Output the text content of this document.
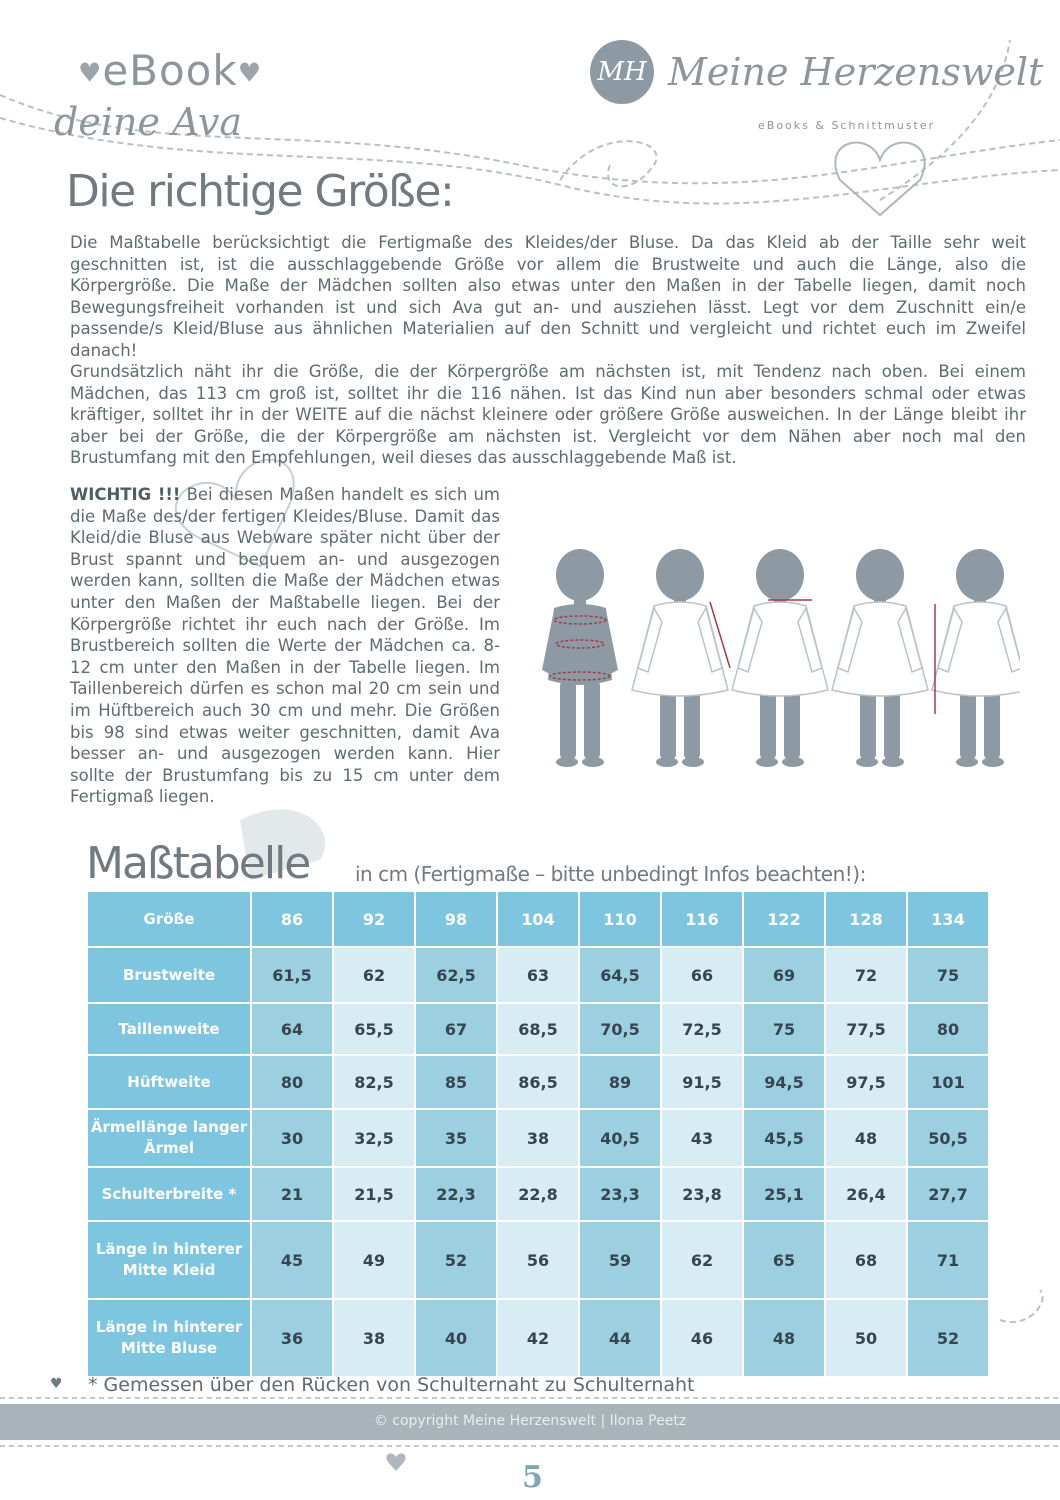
♥eBook♥
deine Ava
MH Meine Herzenswelt
eBooks & Schnittmuster
Die richtige Größe:

Die Maßtabelle berücksichtigt die Fertigmaße des Kleides/der Bluse. Da das Kleid ab der Taille sehr weit geschnitten ist, ist die ausschlaggebende Größe vor allem die Brustweite und auch die Länge, also die Körpergröße. Die Maße der Mädchen sollten also etwas unter den Maßen in der Tabelle liegen, damit noch Bewegungsfreiheit vorhanden ist und sich Ava gut an- und ausziehen lässt. Legt vor dem Zuschnitt ein/e passende/s Kleid/Bluse aus ähnlichen Materialien auf den Schnitt und vergleicht und richtet euch im Zweifel danach!

Grundsätzlich näht ihr die Größe, die der Körpergröße am nächsten ist, mit Tendenz nach oben. Bei einem Mädchen, das 113 cm groß ist, solltet ihr die 116 nähen. Ist das Kind nun aber besonders schmal oder etwas kräftiger, solltet ihr in der WEITE auf die nächst kleinere oder größere Größe ausweichen. In der Länge bleibt ihr aber bei der Größe, die der Körpergröße am nächsten ist. Vergleicht vor dem Nähen aber noch mal den Brustumfang mit den Empfehlungen, weil dieses das ausschlaggebende Maß ist.

WICHTIG !!! Bei diesen Maßen handelt es sich um die Maße des/der fertigen Kleides/Bluse. Damit das Kleid/die Bluse aus Webware später nicht über der Brust spannt und bequem an- und ausgezogen werden kann, sollten die Maße der Mädchen etwas unter den Maßen der Maßtabelle liegen. Bei der Körpergröße richtet ihr euch nach der Größe. Im Brustbereich sollten die Werte der Mädchen ca. 8-12 cm unter den Maßen in der Tabelle liegen. Im Taillenbereich dürfen es schon mal 20 cm sein und im Hüftbereich auch 30 cm und mehr. Die Größen bis 98 sind etwas weiter geschnitten, damit Ava besser an- und ausgezogen werden kann. Hier sollte der Brustumfang bis zu 15 cm unter dem Fertigmaß liegen.
Maßtabelle in cm (Fertigmaße – bitte unbedingt Infos beachten!):
Größe	86	92	98	104	110	116	122	128	134
Brustweite	61,5	62	62,5	63	64,5	66	69	72	75
Taillenweite	64	65,5	67	68,5	70,5	72,5	75	77,5	80
Hüftweite	80	82,5	85	86,5	89	91,5	94,5	97,5	101
Ärmellänge langer Ärmel	30	32,5	35	38	40,5	43	45,5	48	50,5
Schulterbreite *	21	21,5	22,3	22,8	23,3	23,8	25,1	26,4	27,7
Länge in hinterer Mitte Kleid	45	49	52	56	59	62	65	68	71
Länge in hinterer Mitte Bluse	36	38	40	42	44	46	48	50	52
♥ * Gemessen über den Rücken von Schulternaht zu Schulternaht
© copyright Meine Herzenswelt | Ilona Peetz
5
